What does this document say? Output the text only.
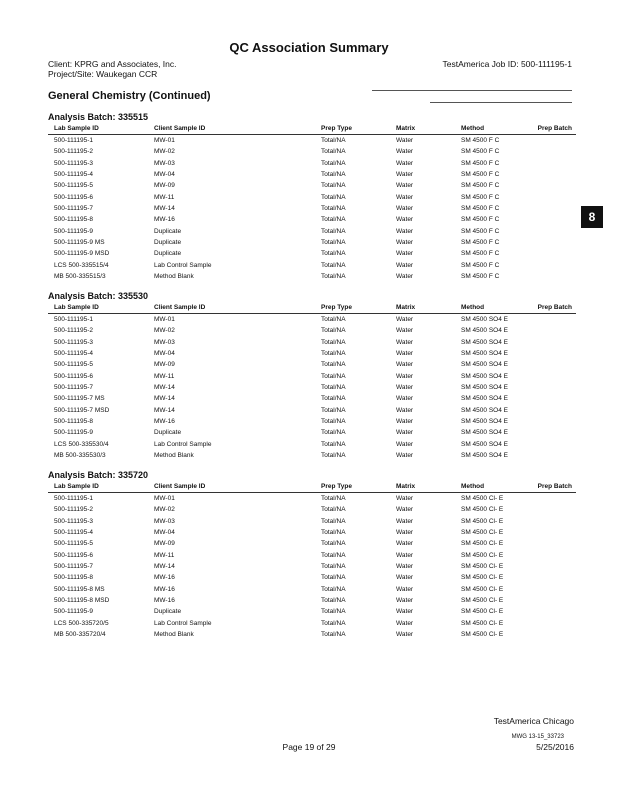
QC Association Summary
Client: KPRG and Associates, Inc.
Project/Site: Waukegan CCR
TestAmerica Job ID: 500-111195-1
General Chemistry (Continued)
Analysis Batch: 335515
Lab Sample ID	Client Sample ID	Prep Type	Matrix	Method	Prep Batch
500-111195-1	MW-01	Total/NA	Water	SM 4500 F C
500-111195-2	MW-02	Total/NA	Water	SM 4500 F C
500-111195-3	MW-03	Total/NA	Water	SM 4500 F C
500-111195-4	MW-04	Total/NA	Water	SM 4500 F C
500-111195-5	MW-09	Total/NA	Water	SM 4500 F C
500-111195-6	MW-11	Total/NA	Water	SM 4500 F C
500-111195-7	MW-14	Total/NA	Water	SM 4500 F C
500-111195-8	MW-16	Total/NA	Water	SM 4500 F C
500-111195-9	Duplicate	Total/NA	Water	SM 4500 F C
500-111195-9 MS	Duplicate	Total/NA	Water	SM 4500 F C
500-111195-9 MSD	Duplicate	Total/NA	Water	SM 4500 F C
LCS 500-335515/4	Lab Control Sample	Total/NA	Water	SM 4500 F C
MB 500-335515/3	Method Blank	Total/NA	Water	SM 4500 F C
Analysis Batch: 335530
Lab Sample ID	Client Sample ID	Prep Type	Matrix	Method	Prep Batch
500-111195-1	MW-01	Total/NA	Water	SM 4500 SO4 E
500-111195-2	MW-02	Total/NA	Water	SM 4500 SO4 E
500-111195-3	MW-03	Total/NA	Water	SM 4500 SO4 E
500-111195-4	MW-04	Total/NA	Water	SM 4500 SO4 E
500-111195-5	MW-09	Total/NA	Water	SM 4500 SO4 E
500-111195-6	MW-11	Total/NA	Water	SM 4500 SO4 E
500-111195-7	MW-14	Total/NA	Water	SM 4500 SO4 E
500-111195-7 MS	MW-14	Total/NA	Water	SM 4500 SO4 E
500-111195-7 MSD	MW-14	Total/NA	Water	SM 4500 SO4 E
500-111195-8	MW-16	Total/NA	Water	SM 4500 SO4 E
500-111195-9	Duplicate	Total/NA	Water	SM 4500 SO4 E
LCS 500-335530/4	Lab Control Sample	Total/NA	Water	SM 4500 SO4 E
MB 500-335530/3	Method Blank	Total/NA	Water	SM 4500 SO4 E
Analysis Batch: 335720
Lab Sample ID	Client Sample ID	Prep Type	Matrix	Method	Prep Batch
500-111195-1	MW-01	Total/NA	Water	SM 4500 Cl- E
500-111195-2	MW-02	Total/NA	Water	SM 4500 Cl- E
500-111195-3	MW-03	Total/NA	Water	SM 4500 Cl- E
500-111195-4	MW-04	Total/NA	Water	SM 4500 Cl- E
500-111195-5	MW-09	Total/NA	Water	SM 4500 Cl- E
500-111195-6	MW-11	Total/NA	Water	SM 4500 Cl- E
500-111195-7	MW-14	Total/NA	Water	SM 4500 Cl- E
500-111195-8	MW-16	Total/NA	Water	SM 4500 Cl- E
500-111195-8 MS	MW-16	Total/NA	Water	SM 4500 Cl- E
500-111195-8 MSD	MW-16	Total/NA	Water	SM 4500 Cl- E
500-111195-9	Duplicate	Total/NA	Water	SM 4500 Cl- E
LCS 500-335720/5	Lab Control Sample	Total/NA	Water	SM 4500 Cl- E
MB 500-335720/4	Method Blank	Total/NA	Water	SM 4500 Cl- E
8
TestAmerica Chicago
Page 19 of 29
MWG 13-15_33723
5/25/2016
